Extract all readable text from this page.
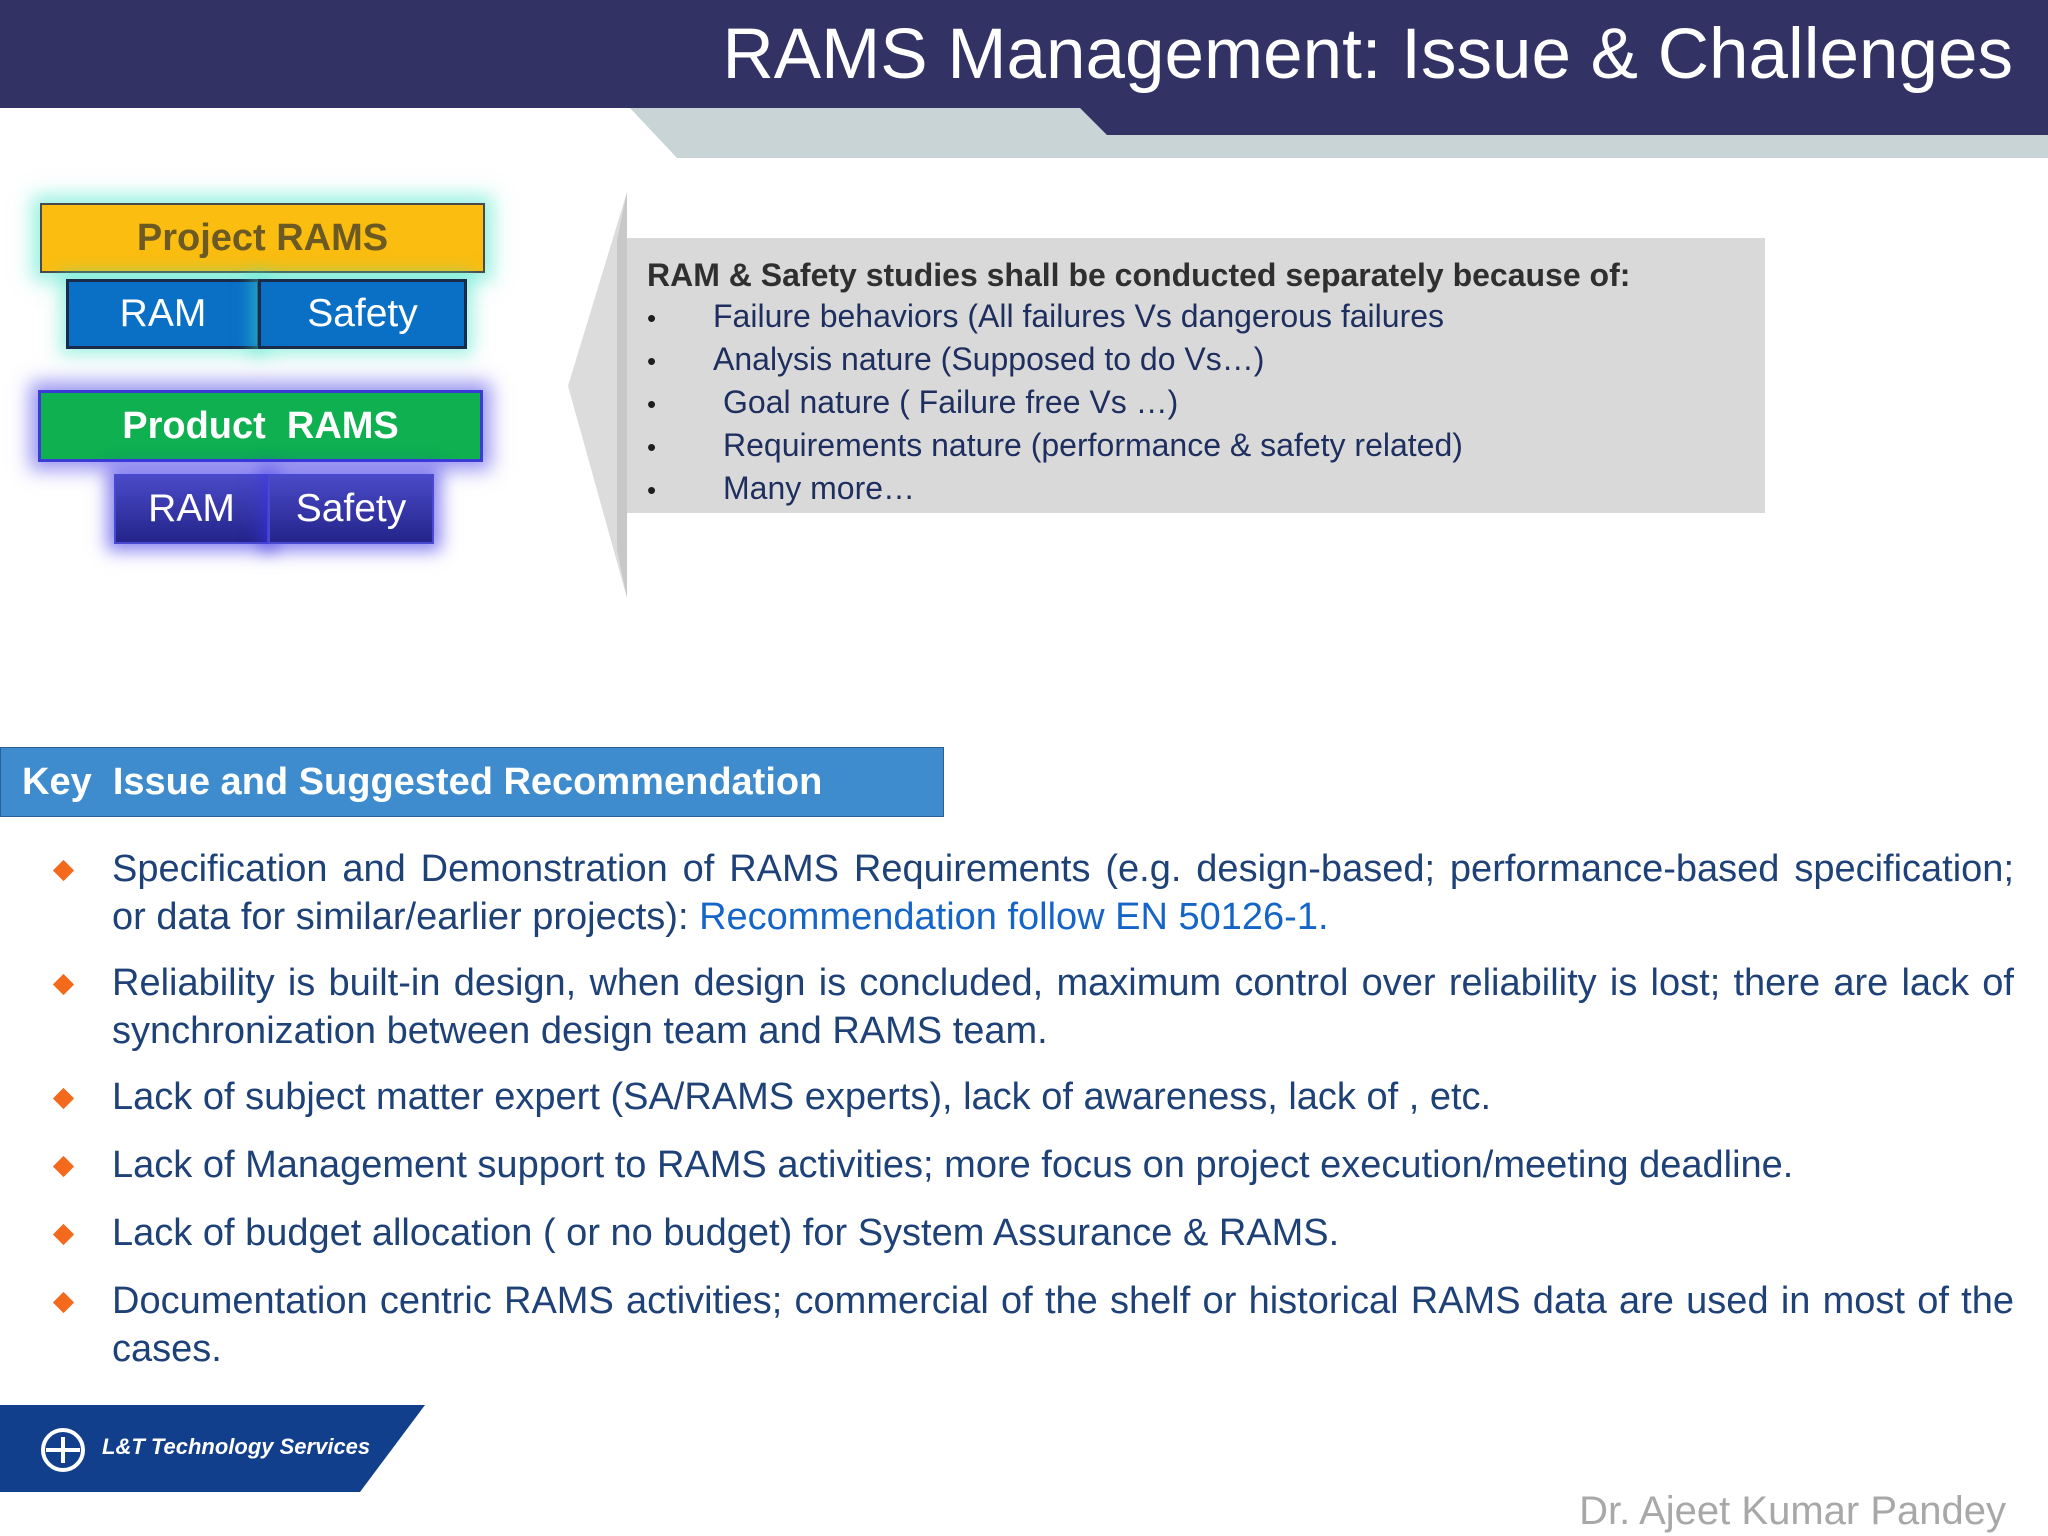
RAMS Management: Issue & Challenges
Project RAMS
RAM	Safety
Product  RAMS
RAM	Safety
RAM & Safety studies shall be conducted separately because of:
•	Failure behaviors (All failures Vs dangerous failures
•	Analysis nature (Supposed to do Vs…)
•	Goal nature ( Failure free Vs …)
•	Requirements nature (performance & safety related)
•	Many more…
Key  Issue and Suggested Recommendation
Specification and Demonstration of RAMS Requirements (e.g. design-based; performance-based specification; or data for similar/earlier projects): Recommendation follow EN 50126-1.
Reliability is built-in design, when design is concluded, maximum control over reliability is lost; there are lack of synchronization between design team and RAMS team.
Lack of subject matter expert (SA/RAMS experts), lack of awareness, lack of , etc.
Lack of Management support to RAMS activities; more focus on project execution/meeting deadline.
Lack of budget allocation ( or no budget) for System Assurance & RAMS.
Documentation centric RAMS activities; commercial of the shelf or historical RAMS data are used in most of the cases.
L&T Technology Services
Dr. Ajeet Kumar Pandey
